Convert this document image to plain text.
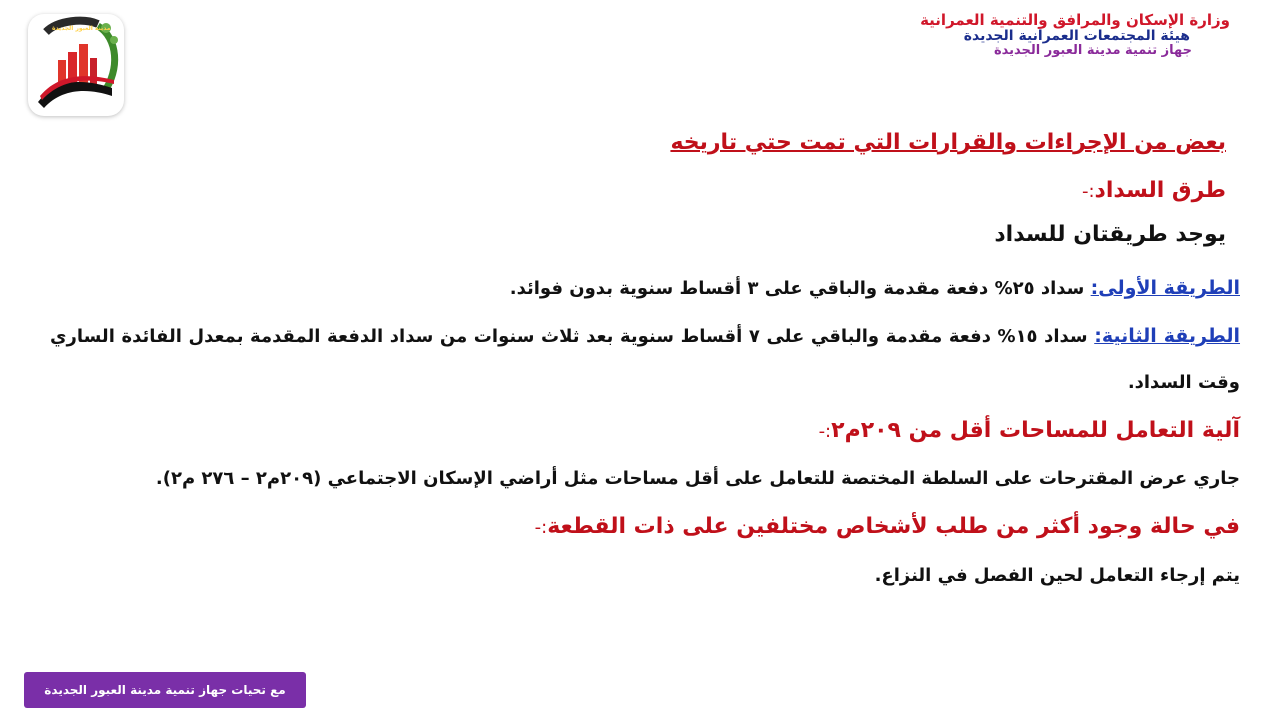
مدينة العبور الجديدة	وزارة الإسكان والمرافق والتنمية العمرانية
هيئة المجتمعات العمرانية الجديدة
جهاز تنمية مدينة العبور الجديدة
بعض من الإجراءات والقرارات التي تمت حتي تاريخه
طرق السداد:-
يوجد طريقتان للسداد
الطريقة الأولى: سداد ٢٥% دفعة مقدمة والباقي على ٣ أقساط سنوية بدون فوائد.
الطريقة الثانية: سداد ١٥% دفعة مقدمة والباقي على ٧ أقساط سنوية بعد ثلاث سنوات من سداد الدفعة المقدمة بمعدل الفائدة الساري وقت السداد.
آلية التعامل للمساحات أقل من ٢٠٩م٢:-
جاري عرض المقترحات على السلطة المختصة للتعامل على أقل مساحات مثل أراضي الإسكان الاجتماعي (٢٠٩م٢ – ٢٧٦ م٢).
في حالة وجود أكثر من طلب لأشخاص مختلفين على ذات القطعة:-
يتم إرجاء التعامل لحين الفصل في النزاع.
مع تحيات جهاز تنمية مدينة العبور الجديدة
